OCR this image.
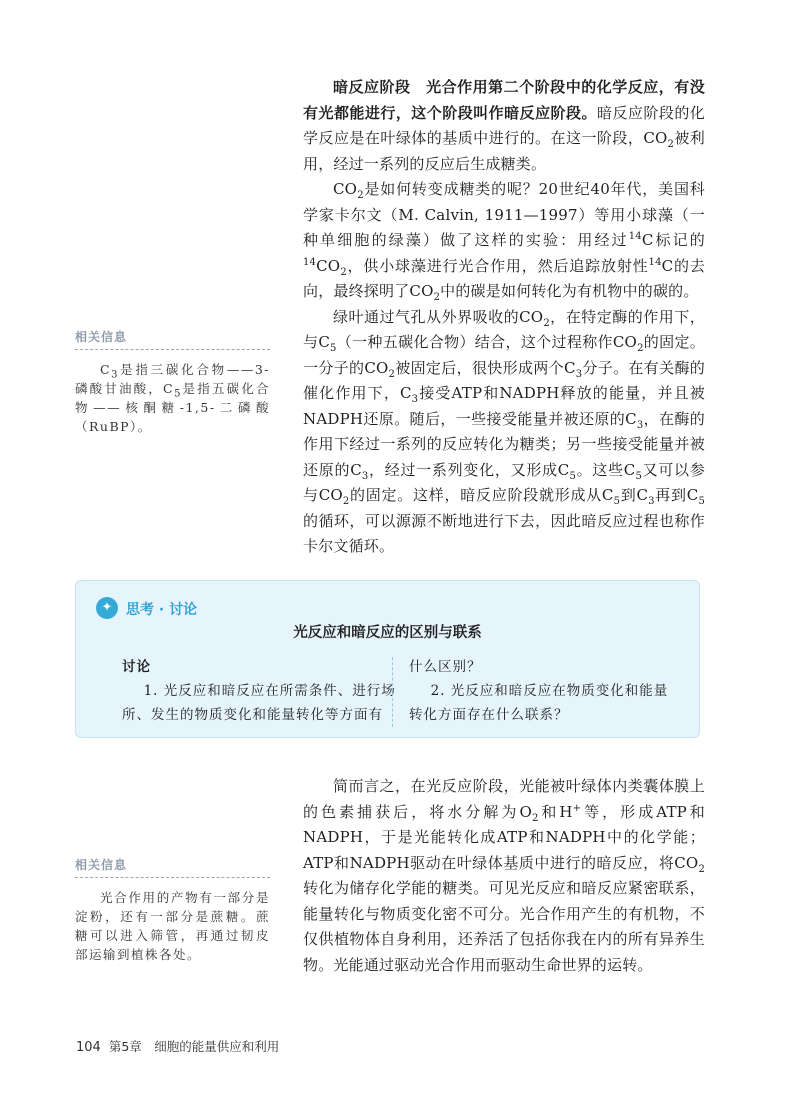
暗反应阶段　光合作用第二个阶段中的化学反应，有没有光都能进行，这个阶段叫作暗反应阶段。暗反应阶段的化学反应是在叶绿体的基质中进行的。在这一阶段，$CO_2$被利用，经过一系列的反应后生成糖类。

$CO_2$是如何转变成糖类的呢？20世纪40年代，美国科学家卡尔文（M. Calvin, 1911—1997）等用小球藻（一种单细胞的绿藻）做了这样的实验：用经过$^{14}$C标记的$^{14}CO_2$，供小球藻进行光合作用，然后追踪放射性$^{14}$C的去向，最终探明了$CO_2$中的碳是如何转化为有机物中的碳的。

绿叶通过气孔从外界吸收的$CO_2$，在特定酶的作用下，与$C_5$（一种五碳化合物）结合，这个过程称作$CO_2$的固定。一分子的$CO_2$被固定后，很快形成两个$C_3$分子。在有关酶的催化作用下，$C_3$接受ATP和NADPH释放的能量，并且被NADPH还原。随后，一些接受能量并被还原的$C_3$，在酶的作用下经过一系列的反应转化为糖类；另一些接受能量并被还原的$C_3$，经过一系列变化，又形成$C_5$。这些$C_5$又可以参与$CO_2$的固定。这样，暗反应阶段就形成从$C_5$到$C_3$再到$C_5$的循环，可以源源不断地进行下去，因此暗反应过程也称作卡尔文循环。

相关信息

$C_3$是指三碳化合物——3-磷酸甘油酸，$C_5$是指五碳化合物——核酮糖-1,5-二磷酸（RuBP）。

✦ 思考 · 讨论
光反应和暗反应的区别与联系
讨论
1. 光反应和暗反应在所需条件、进行场所、发生的物质变化和能量转化等方面有
什么区别？
2. 光反应和暗反应在物质变化和能量转化方面存在什么联系？

简而言之，在光反应阶段，光能被叶绿体内类囊体膜上的色素捕获后，将水分解为$O_2$和H+等，形成ATP和NADPH，于是光能转化成ATP和NADPH中的化学能；ATP和NADPH驱动在叶绿体基质中进行的暗反应，将$CO_2$转化为储存化学能的糖类。可见光反应和暗反应紧密联系，能量转化与物质变化密不可分。光合作用产生的有机物，不仅供植物体自身利用，还养活了包括你我在内的所有异养生物。光能通过驱动光合作用而驱动生命世界的运转。

相关信息

光合作用的产物有一部分是淀粉，还有一部分是蔗糖。蔗糖可以进入筛管，再通过韧皮部运输到植株各处。

104 第5章　细胞的能量供应和利用
